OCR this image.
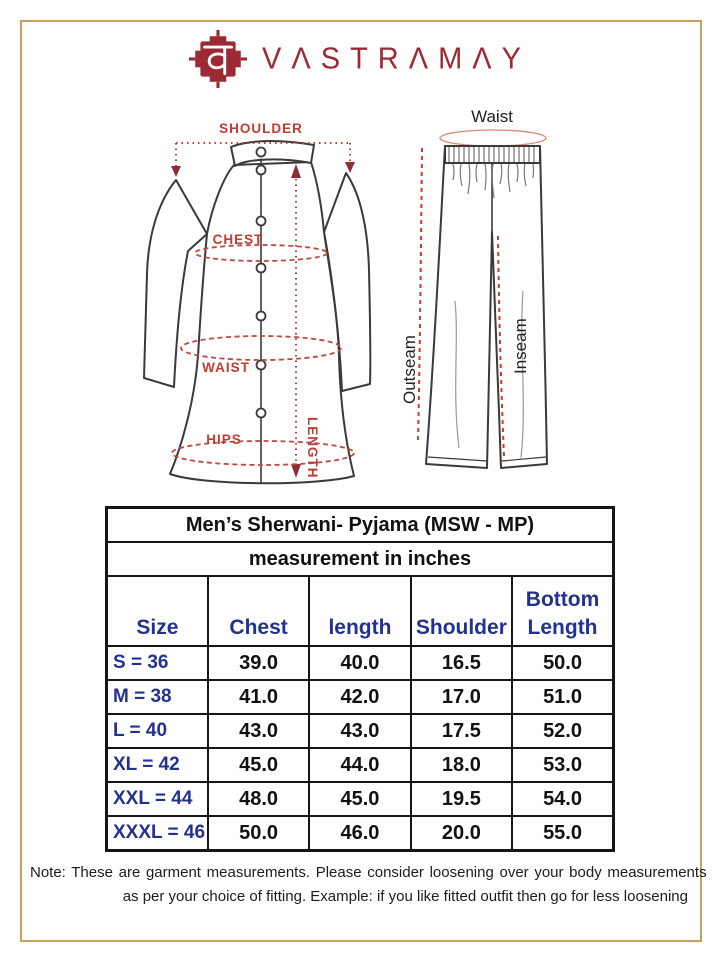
VΛSTRΛMΛY
SHOULDER
CHEST
WAIST
HIPS	LENGTH
Waist
Outseam	Inseam
Men’s Sherwani- Pyjama (MSW - MP)				
measurement in inches				
Size	Chest	length	Shoulder	Bottom Length
S = 36	39.0	40.0	16.5	50.0
M = 38	41.0	42.0	17.0	51.0
L = 40	43.0	43.0	17.5	52.0
XL = 42	45.0	44.0	18.0	53.0
XXL = 44	48.0	45.0	19.5	54.0
XXXL = 46	50.0	46.0	20.0	55.0
Note: These are garment measurements. Please consider loosening over your body measurements
as per your choice of fitting. Example: if you like fitted outfit then go for less loosening
